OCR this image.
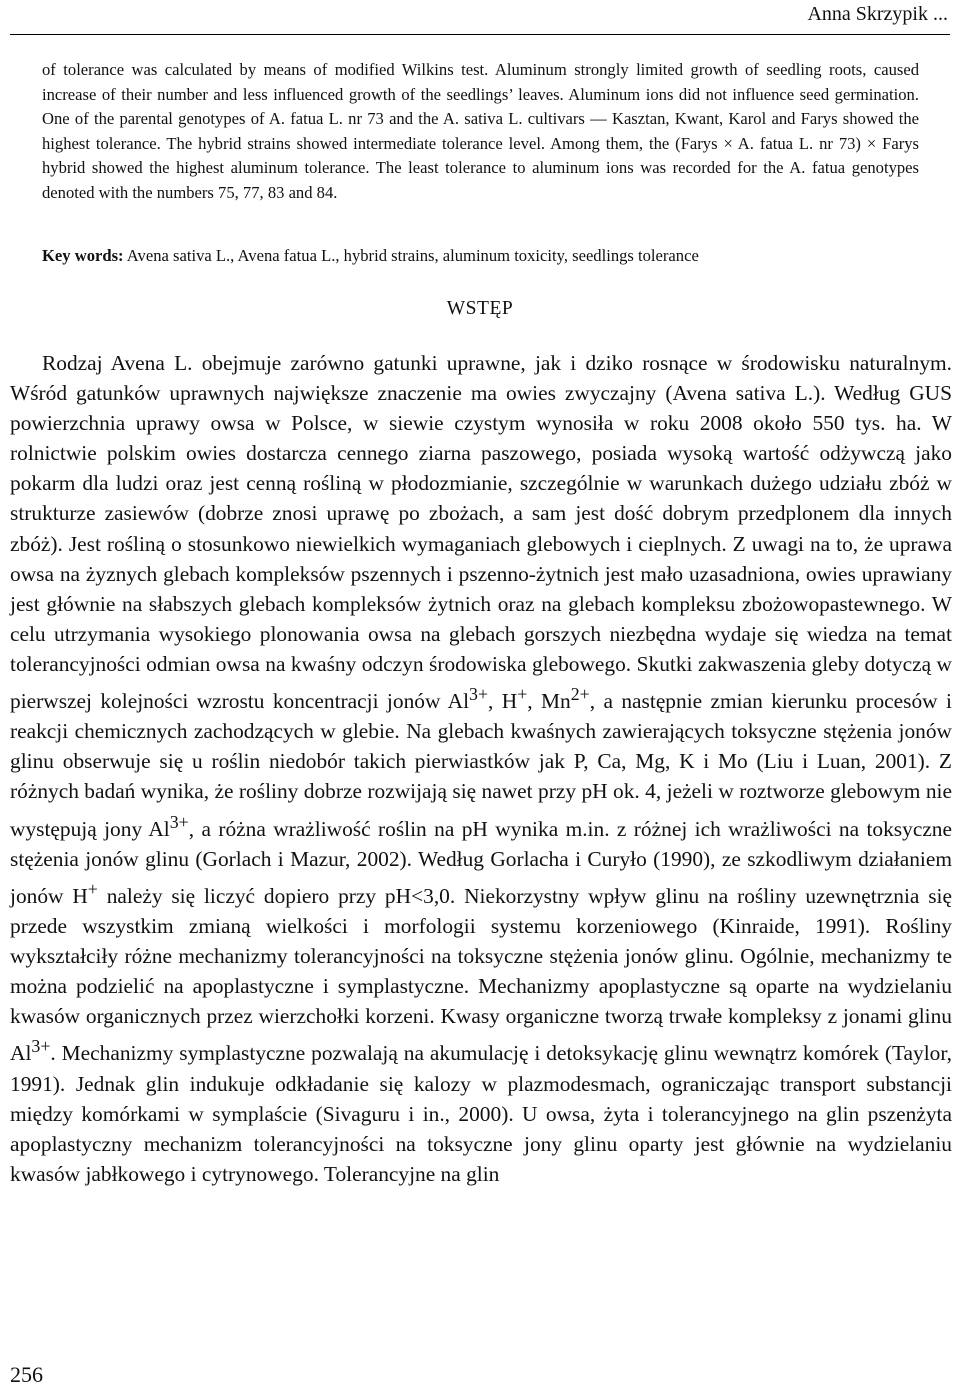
Anna Skrzypik ...

of tolerance was calculated by means of modified Wilkins test. Aluminum strongly limited growth of seedling roots, caused increase of their number and less influenced growth of the seedlings’ leaves. Aluminum ions did not influence seed germination. One of the parental genotypes of A. fatua L. nr 73 and the A. sativa L. cultivars — Kasztan, Kwant, Karol and Farys showed the highest tolerance. The hybrid strains showed intermediate tolerance level. Among them, the (Farys × A. fatua L. nr 73) × Farys hybrid showed the highest aluminum tolerance. The least tolerance to aluminum ions was recorded for the A. fatua genotypes denoted with the numbers 75, 77, 83 and 84.

Key words: Avena sativa L., Avena fatua L., hybrid strains, aluminum toxicity, seedlings tolerance
WSTĘP

Rodzaj Avena L. obejmuje zarówno gatunki uprawne, jak i dziko rosnące w środowisku naturalnym. Wśród gatunków uprawnych największe znaczenie ma owies zwyczajny (Avena sativa L.). Według GUS powierzchnia uprawy owsa w Polsce, w siewie czystym wynosiła w roku 2008 około 550 tys. ha. W rolnictwie polskim owies dostarcza cennego ziarna paszowego, posiada wysoką wartość odżywczą jako pokarm dla ludzi oraz jest cenną rośliną w płodozmianie, szczególnie w warunkach dużego udziału zbóż w strukturze zasiewów (dobrze znosi uprawę po zbożach, a sam jest dość dobrym przedplonem dla innych zbóż). Jest rośliną o stosunkowo niewielkich wymaganiach glebowych i cieplnych. Z uwagi na to, że uprawa owsa na żyznych glebach kompleksów pszennych i pszenno-żytnich jest mało uzasadniona, owies uprawiany jest głównie na słabszych glebach kompleksów żytnich oraz na glebach kompleksu zbożowopastewnego. W celu utrzymania wysokiego plonowania owsa na glebach gorszych niezbędna wydaje się wiedza na temat tolerancyjności odmian owsa na kwaśny odczyn środowiska glebowego. Skutki zakwaszenia gleby dotyczą w pierwszej kolejności wzrostu koncentracji jonów $Al^{3+}$, H+, $Mn^{2+}$, a następnie zmian kierunku procesów i reakcji chemicznych zachodzących w glebie. Na glebach kwaśnych zawierających toksyczne stężenia jonów glinu obserwuje się u roślin niedobór takich pierwiastków jak P, Ca, Mg, K i Mo (Liu i Luan, 2001). Z różnych badań wynika, że rośliny dobrze rozwijają się nawet przy pH ok. 4, jeżeli w roztworze glebowym nie występują jony $Al^{3+}$, a różna wrażliwość roślin na pH wynika m.in. z różnej ich wrażliwości na toksyczne stężenia jonów glinu (Gorlach i Mazur, 2002). Według Gorlacha i Curyło (1990), ze szkodliwym działaniem jonów H+ należy się liczyć dopiero przy pH<3,0. Niekorzystny wpływ glinu na rośliny uzewnętrznia się przede wszystkim zmianą wielkości i morfologii systemu korzeniowego (Kinraide, 1991). Rośliny wykształciły różne mechanizmy tolerancyjności na toksyczne stężenia jonów glinu. Ogólnie, mechanizmy te można podzielić na apoplastyczne i symplastyczne. Mechanizmy apoplastyczne są oparte na wydzielaniu kwasów organicznych przez wierzchołki korzeni. Kwasy organiczne tworzą trwałe kompleksy z jonami glinu $Al^{3+}$. Mechanizmy symplastyczne pozwalają na akumulację i detoksykację glinu wewnątrz komórek (Taylor, 1991). Jednak glin indukuje odkładanie się kalozy w plazmodesmach, ograniczając transport substancji między komórkami w symplaście (Sivaguru i in., 2000). U owsa, żyta i tolerancyjnego na glin pszenżyta apoplastyczny mechanizm tolerancyjności na toksyczne jony glinu oparty jest głównie na wydzielaniu kwasów jabłkowego i cytrynowego. Tolerancyjne na glin

256
